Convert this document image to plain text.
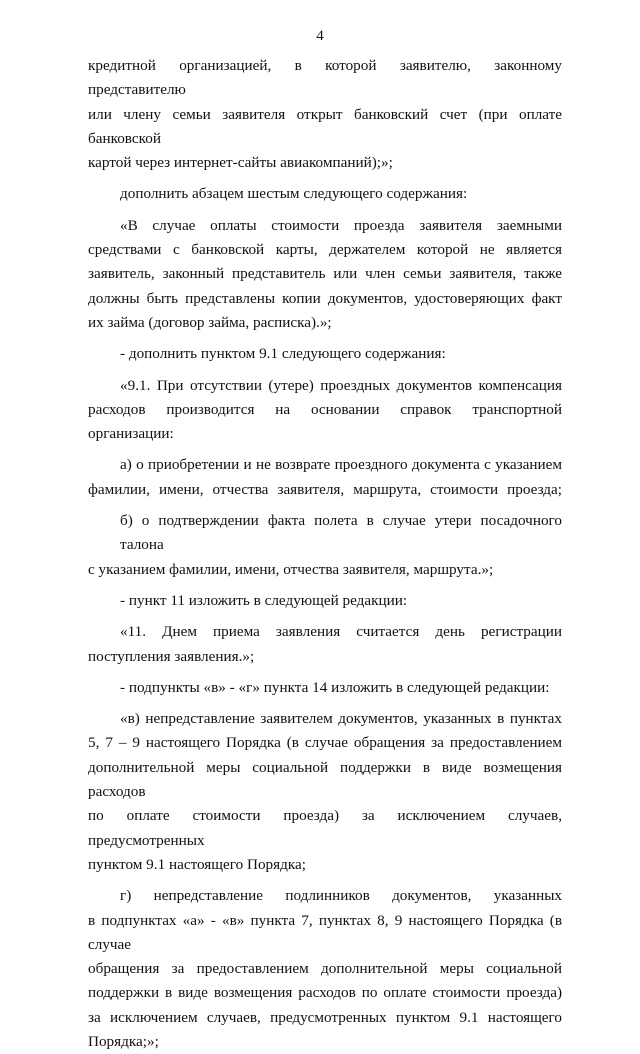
4

кредитной организацией, в которой заявителю, законному представителю

или члену семьи заявителя открыт банковский счет (при оплате банковской

картой через интернет-сайты авиакомпаний);»;

дополнить абзацем шестым следующего содержания:

«В случае оплаты стоимости проезда заявителя заемными

средствами с банковской карты, держателем которой не является

заявитель, законный представитель или член семьи заявителя, также

должны быть представлены копии документов, удостоверяющих факт

их займа (договор займа, расписка).»;

- дополнить пунктом 9.1 следующего содержания:

«9.1. При отсутствии (утере) проездных документов компенсация

расходов производится на основании справок транспортной организации:

а) о приобретении и не возврате проездного документа с указанием

фамилии, имени, отчества заявителя, маршрута, стоимости проезда;

б) о подтверждении факта полета в случае утери посадочного талона

с указанием фамилии, имени, отчества заявителя, маршрута.»;

- пункт 11 изложить в следующей редакции:

«11. Днем приема заявления считается день регистрации

поступления заявления.»;

- подпункты «в» - «г» пункта 14 изложить в следующей редакции:

«в) непредставление заявителем документов, указанных в пунктах

5, 7 – 9 настоящего Порядка (в случае обращения за предоставлением

дополнительной меры социальной поддержки в виде возмещения расходов

по оплате стоимости проезда) за исключением случаев, предусмотренных

пунктом 9.1 настоящего Порядка;

г) непредставление подлинников документов, указанных

в подпунктах «а» - «в» пункта 7, пунктах 8, 9 настоящего Порядка (в случае

обращения за предоставлением дополнительной меры социальной

поддержки в виде возмещения расходов по оплате стоимости проезда)

за исключением случаев, предусмотренных пунктом 9.1 настоящего

Порядка;»;
